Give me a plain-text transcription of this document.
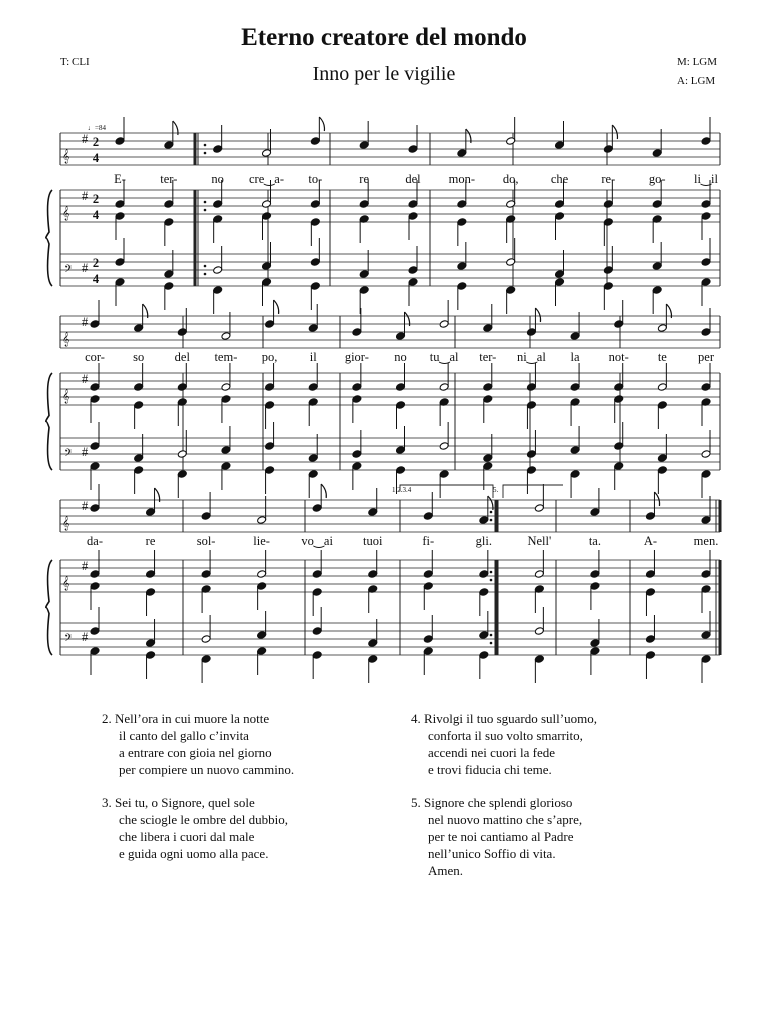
Eterno creatore del mondo
Inno per le vigilie
T: CLI	M: LGM
A: LGM
𝄞
#
𝄞
#
𝄢 #
2
4
2
4
2
4
E-	ter-	no cre‿a- to-	re	del mon- do,	che	re-	go- li‿il
𝄞
#
𝄞
#
𝄢 #
cor- so del tem- po,	il gior- no tu‿al ter- ni‿al la not- te per
𝄞
#
𝄞
#
𝄢 #
da-	re	sol-	lie-	vo‿ai tuoi	fi-	gli.	Nell'	ta.	A-	men.
♩=84
1.2.3.4	5.
2. Nell’ora in cui muore la notte
il canto del gallo c’invita
a entrare con gioia nel giorno
per compiere un nuovo cammino.
3. Sei tu, o Signore, quel sole
che sciogle le ombre del dubbio,
che libera i cuori dal male
e guida ogni uomo alla pace.
4. Rivolgi il tuo sguardo sull’uomo,
conforta il suo volto smarrito,
accendi nei cuori la fede
e trovi fiducia chi teme.
5. Signore che splendi glorioso
nel nuovo mattino che s’apre,
per te noi cantiamo al Padre
nell’unico Soffio di vita.
Amen.
